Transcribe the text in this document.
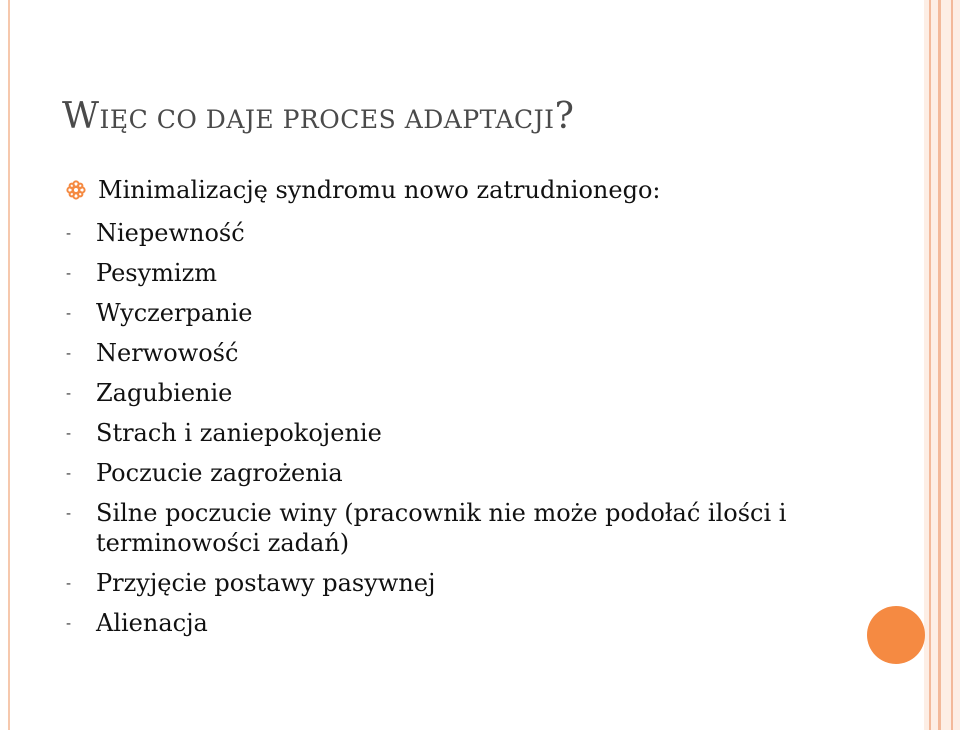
WIĘC CO DAJE PROCES ADAPTACJI?
Minimalizację syndromu nowo zatrudnionego:
-	Niepewność
-	Pesymizm
-	Wyczerpanie
-	Nerwowość
-	Zagubienie
-	Strach i zaniepokojenie
-	Poczucie zagrożenia
-	Silne poczucie winy (pracownik nie może podołać ilości i terminowości zadań)
-	Przyjęcie postawy pasywnej
-	Alienacja
